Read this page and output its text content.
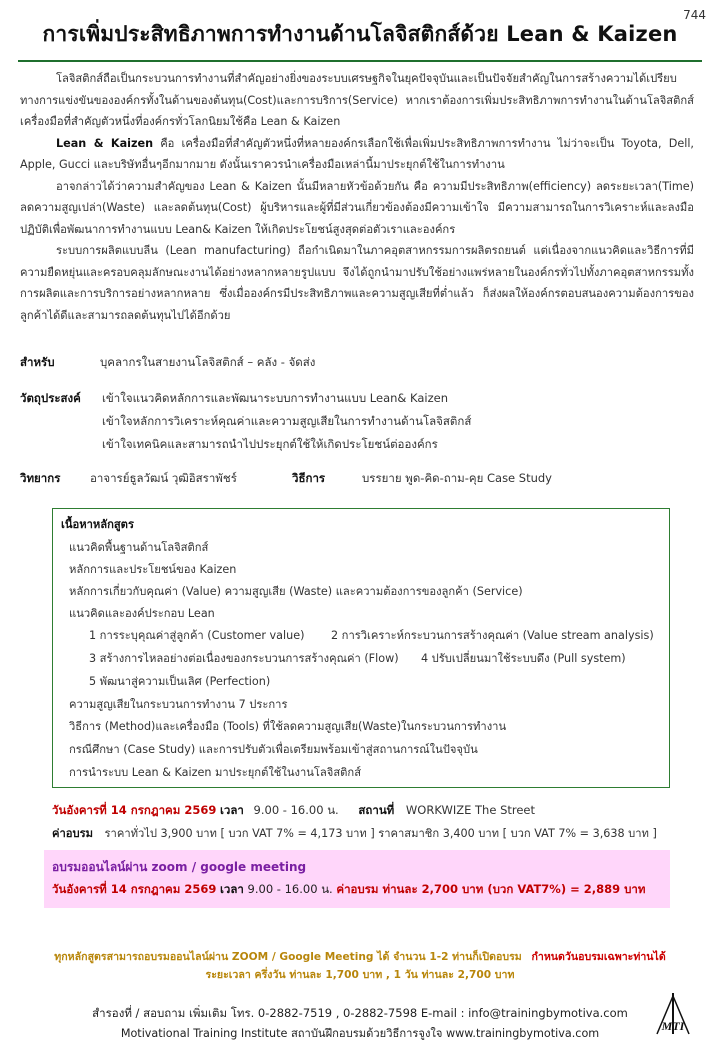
744
การเพิ่มประสิทธิภาพการทำงานด้านโลจิสติกส์ด้วย Lean & Kaizen

โลจิสติกส์ถือเป็นกระบวนการทำงานที่สำคัญอย่างยิ่งของระบบเศรษฐกิจในยุคปัจจุบันและเป็นปัจจัยสำคัญในการสร้างความได้เปรียบทางการแข่งขันขององค์กรทั้งในด้านของต้นทุน(Cost)และการบริการ(Service) หากเราต้องการเพิ่มประสิทธิภาพการทำงานในด้านโลจิสติกส์ เครื่องมือที่สำคัญตัวหนึ่งที่องค์กรทั่วโลกนิยมใช้คือ Lean & Kaizen

Lean & Kaizen คือ เครื่องมือที่สำคัญตัวหนึ่งที่หลายองค์กรเลือกใช้เพื่อเพิ่มประสิทธิภาพการทำงาน ไม่ว่าจะเป็น Toyota, Dell, Apple, Gucci และบริษัทอื่นๆอีกมากมาย ดังนั้นเราควรนำเครื่องมือเหล่านี้มาประยุกต์ใช้ในการทำงาน

อาจกล่าวได้ว่าความสำคัญของ Lean & Kaizen นั้นมีหลายหัวข้อด้วยกัน คือ ความมีประสิทธิภาพ(efficiency) ลดระยะเวลา(Time) ลดความสูญเปล่า(Waste) และลดต้นทุน(Cost) ผู้บริหารและผู้ที่มีส่วนเกี่ยวข้องต้องมีความเข้าใจ มีความสามารถในการวิเคราะห์และลงมือปฏิบัติเพื่อพัฒนาการทำงานแบบ Lean& Kaizen ให้เกิดประโยชน์สูงสุดต่อตัวเราและองค์กร

ระบบการผลิตแบบลีน (Lean manufacturing) ถือกำเนิดมาในภาคอุตสาหกรรมการผลิตรถยนต์ แต่เนื่องจากแนวคิดและวิธีการที่มีความยืดหยุ่นและครอบคลุมลักษณะงานได้อย่างหลากหลายรูปแบบ จึงได้ถูกนำมาปรับใช้อย่างแพร่หลายในองค์กรทั่วไปทั้งภาคอุตสาหกรรมทั้งการผลิตและการบริการอย่างหลากหลาย ซึ่งเมื่อองค์กรมีประสิทธิภาพและความสูญเสียที่ต่ำแล้ว ก็ส่งผลให้องค์กรตอบสนองความต้องการของลูกค้าได้ดีและสามารถลดต้นทุนไปได้อีกด้วย

สำหรับ	บุคลากรในสายงานโลจิสติกส์ – คลัง - จัดส่ง
วัตถุประสงค์ เข้าใจแนวคิดหลักการและพัฒนาระบบการทำงานแบบ Lean& Kaizen
เข้าใจหลักการวิเคราะห์คุณค่าและความสูญเสียในการทำงานด้านโลจิสติกส์
เข้าใจเทคนิคและสามารถนำไปประยุกต์ใช้ให้เกิดประโยชน์ต่อองค์กร
วิทยากร	อาจารย์ธูลวัฒน์ วุฒิอิสราพัชร์	วิธีการ	บรรยาย พูด-คิด-ถาม-คุย Case Study
เนื้อหาหลักสูตร
แนวคิดพื้นฐานด้านโลจิสติกส์
หลักการและประโยชน์ของ Kaizen
หลักการเกี่ยวกับคุณค่า (Value) ความสูญเสีย (Waste) และความต้องการของลูกค้า (Service)
แนวคิดและองค์ประกอบ Lean
1 การระบุคุณค่าสู่ลูกค้า (Customer value) 2 การวิเคราะห์กระบวนการสร้างคุณค่า (Value stream analysis)
3 สร้างการไหลอย่างต่อเนื่องของกระบวนการสร้างคุณค่า (Flow) 4 ปรับเปลี่ยนมาใช้ระบบดึง (Pull system)
5 พัฒนาสู่ความเป็นเลิศ (Perfection)
ความสูญเสียในกระบวนการทำงาน 7 ประการ
วิธีการ (Method)และเครื่องมือ (Tools) ที่ใช้ลดความสูญเสีย(Waste)ในกระบวนการทำงาน
กรณีศึกษา (Case Study) และการปรับตัวเพื่อเตรียมพร้อมเข้าสู่สถานการณ์ในปัจจุบัน
การนำระบบ Lean & Kaizen มาประยุกต์ใช้ในงานโลจิสติกส์
วันอังคารที่ 14 กรกฎาคม 2569 เวลา 9.00 - 16.00 น. สถานที่ WORKWIZE The Street
ค่าอบรม ราคาทั่วไป 3,900 บาท [ บวก VAT 7% = 4,173 บาท ] ราคาสมาชิก 3,400 บาท [ บวก VAT 7% = 3,638 บาท ]
อบรมออนไลน์ผ่าน zoom / google meeting
วันอังคารที่ 14 กรกฎาคม 2569 เวลา 9.00 - 16.00 น. ค่าอบรม ท่านละ 2,700 บาท (บวก VAT7%) = 2,889 บาท
ทุกหลักสูตรสามารถอบรมออนไลน์ผ่าน ZOOM / Google Meeting ได้ จำนวน 1-2 ท่านก็เปิดอบรม กำหนดวันอบรมเฉพาะท่านได้
ระยะเวลา ครึ่งวัน ท่านละ 1,700 บาท , 1 วัน ท่านละ 2,700 บาท
สำรองที่ / สอบถาม เพิ่มเติม โทร. 0-2882-7519 , 0-2882-7598 E-mail : info@trainingbymotiva.com
Motivational Training Institute สถาบันฝึกอบรมด้วยวิธีการจูงใจ www.trainingbymotiva.com
MTI
